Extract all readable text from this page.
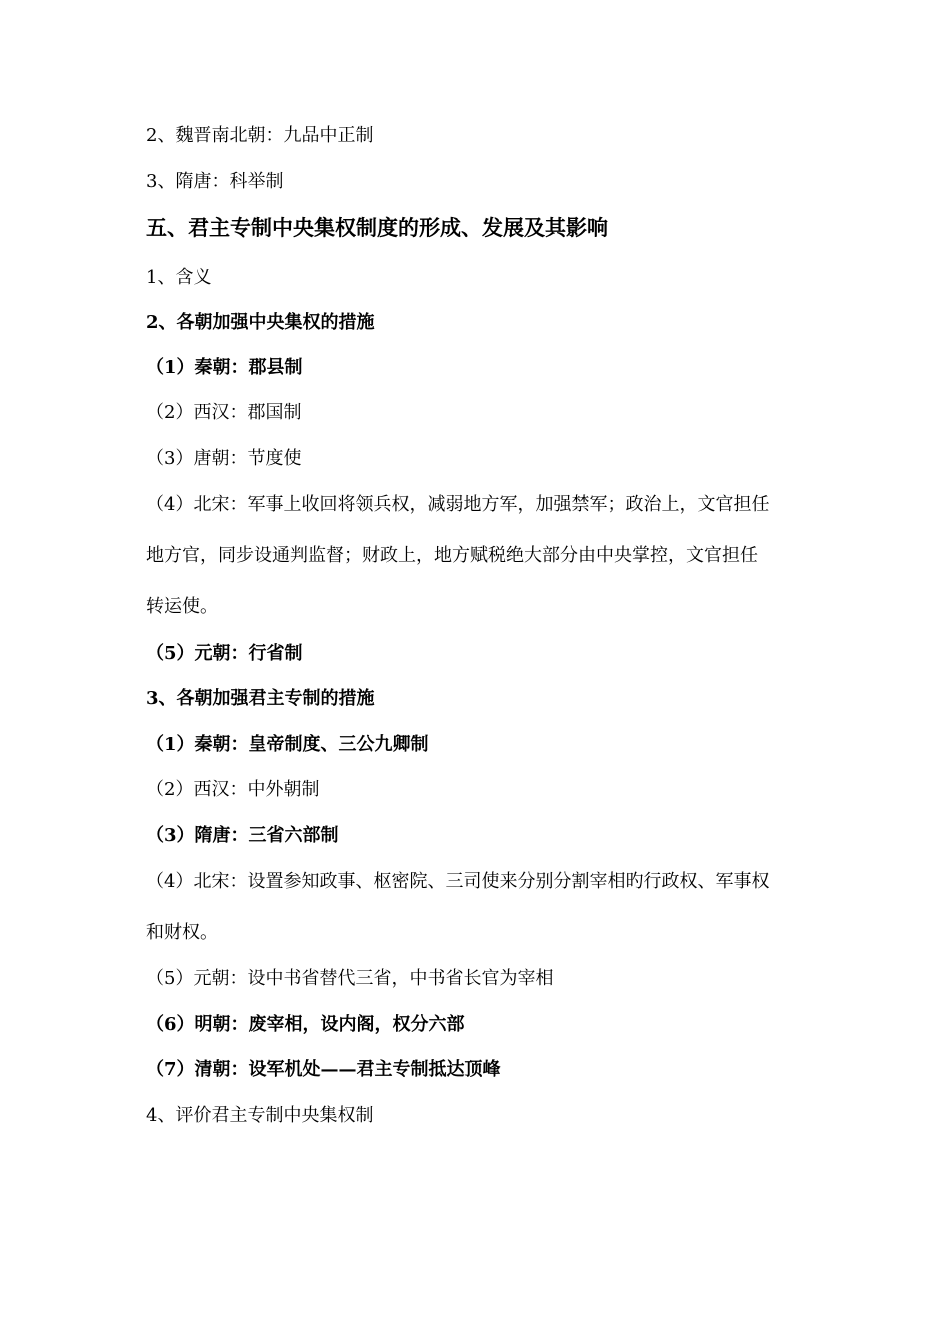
2、魏晋南北朝：九品中正制
3、隋唐：科举制
五、君主专制中央集权制度的形成、发展及其影响
1、含义
2、各朝加强中央集权的措施
（1）秦朝：郡县制
（2）西汉：郡国制
（3）唐朝：节度使
（4）北宋：军事上收回将领兵权，减弱地方军，加强禁军；政治上，文官担任
地方官，同步设通判监督；财政上，地方赋税绝大部分由中央掌控，文官担任
转运使。
（5）元朝：行省制
3、各朝加强君主专制的措施
（1）秦朝：皇帝制度、三公九卿制
（2）西汉：中外朝制
（3）隋唐：三省六部制
（4）北宋：设置参知政事、枢密院、三司使来分别分割宰相旳行政权、军事权
和财权。
（5）元朝：设中书省替代三省，中书省长官为宰相
（6）明朝：废宰相，设内阁，权分六部
（7）清朝：设军机处——君主专制抵达顶峰
4、评价君主专制中央集权制
